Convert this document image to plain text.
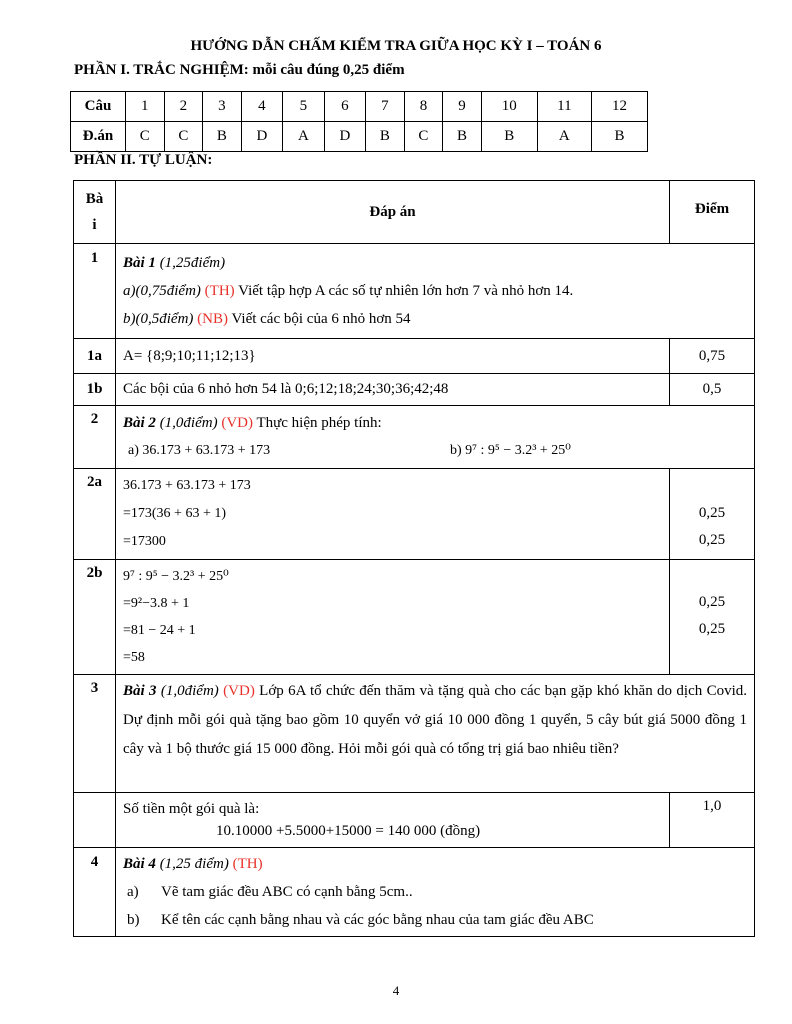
HƯỚNG DẪN CHẤM KIỂM TRA GIỮA HỌC KỲ I – TOÁN 6
PHẦN I. TRẮC NGHIỆM: mỗi câu đúng 0,25 điểm
Câu	1	2	3	4	5	6	7	8	9	10	11	12
Đ.án	C	C	B	D	A	D	B	C	B	B	A	B
PHẦN II. TỰ LUẬN:
Bà i	Đáp án	Điểm
1	Bài 1 (1,25điểm)
a)(0,75điểm) (TH) Viết tập hợp A các số tự nhiên lớn hơn 7 và nhỏ hơn 14.
b)(0,5điểm) (NB) Viết các bội của 6 nhỏ hơn 54	

1a	A= {8;9;10;11;12;13}	0,75
1b	Các bội của 6 nhỏ hơn 54 là 0;6;12;18;24;30;36;42;48	0,5
2	Bài 2 (1,0điểm) (VD) Thực hiện phép tính:
a) 36.173 + 63.173 + 173 b) 9⁷ : 9⁵ − 3.2³ + 25⁰	

2a	36.173 + 63.173 + 173
=173(36 + 63 + 1)
=17300	0,25
0,25

2b	9⁷ : 9⁵ − 3.2³ + 25⁰
=9²−3.8 + 1
=81 − 24 + 1
=58	0,25
0,25

3	Bài 3 (1,0điểm) (VD) Lớp 6A tổ chức đến thăm và tặng quà cho các bạn gặp khó khăn do dịch Covid. Dự định mỗi gói quà tặng bao gồm 10 quyển vở giá 10 000 đồng 1 quyển, 5 cây bút giá 5000 đồng 1 cây và 1 bộ thước giá 15 000 đồng. Hỏi mỗi gói quà có tổng trị giá bao nhiêu tiền?	

	Số tiền một gói quà là:
10.10000 +5.5000+15000 = 140 000 (đồng)	1,0
4	Bài 4 (1,25 điểm) (TH)
a) Vẽ tam giác đều ABC có cạnh bằng 5cm..
b) Kể tên các cạnh bằng nhau và các góc bằng nhau của tam giác đều ABC	
4
